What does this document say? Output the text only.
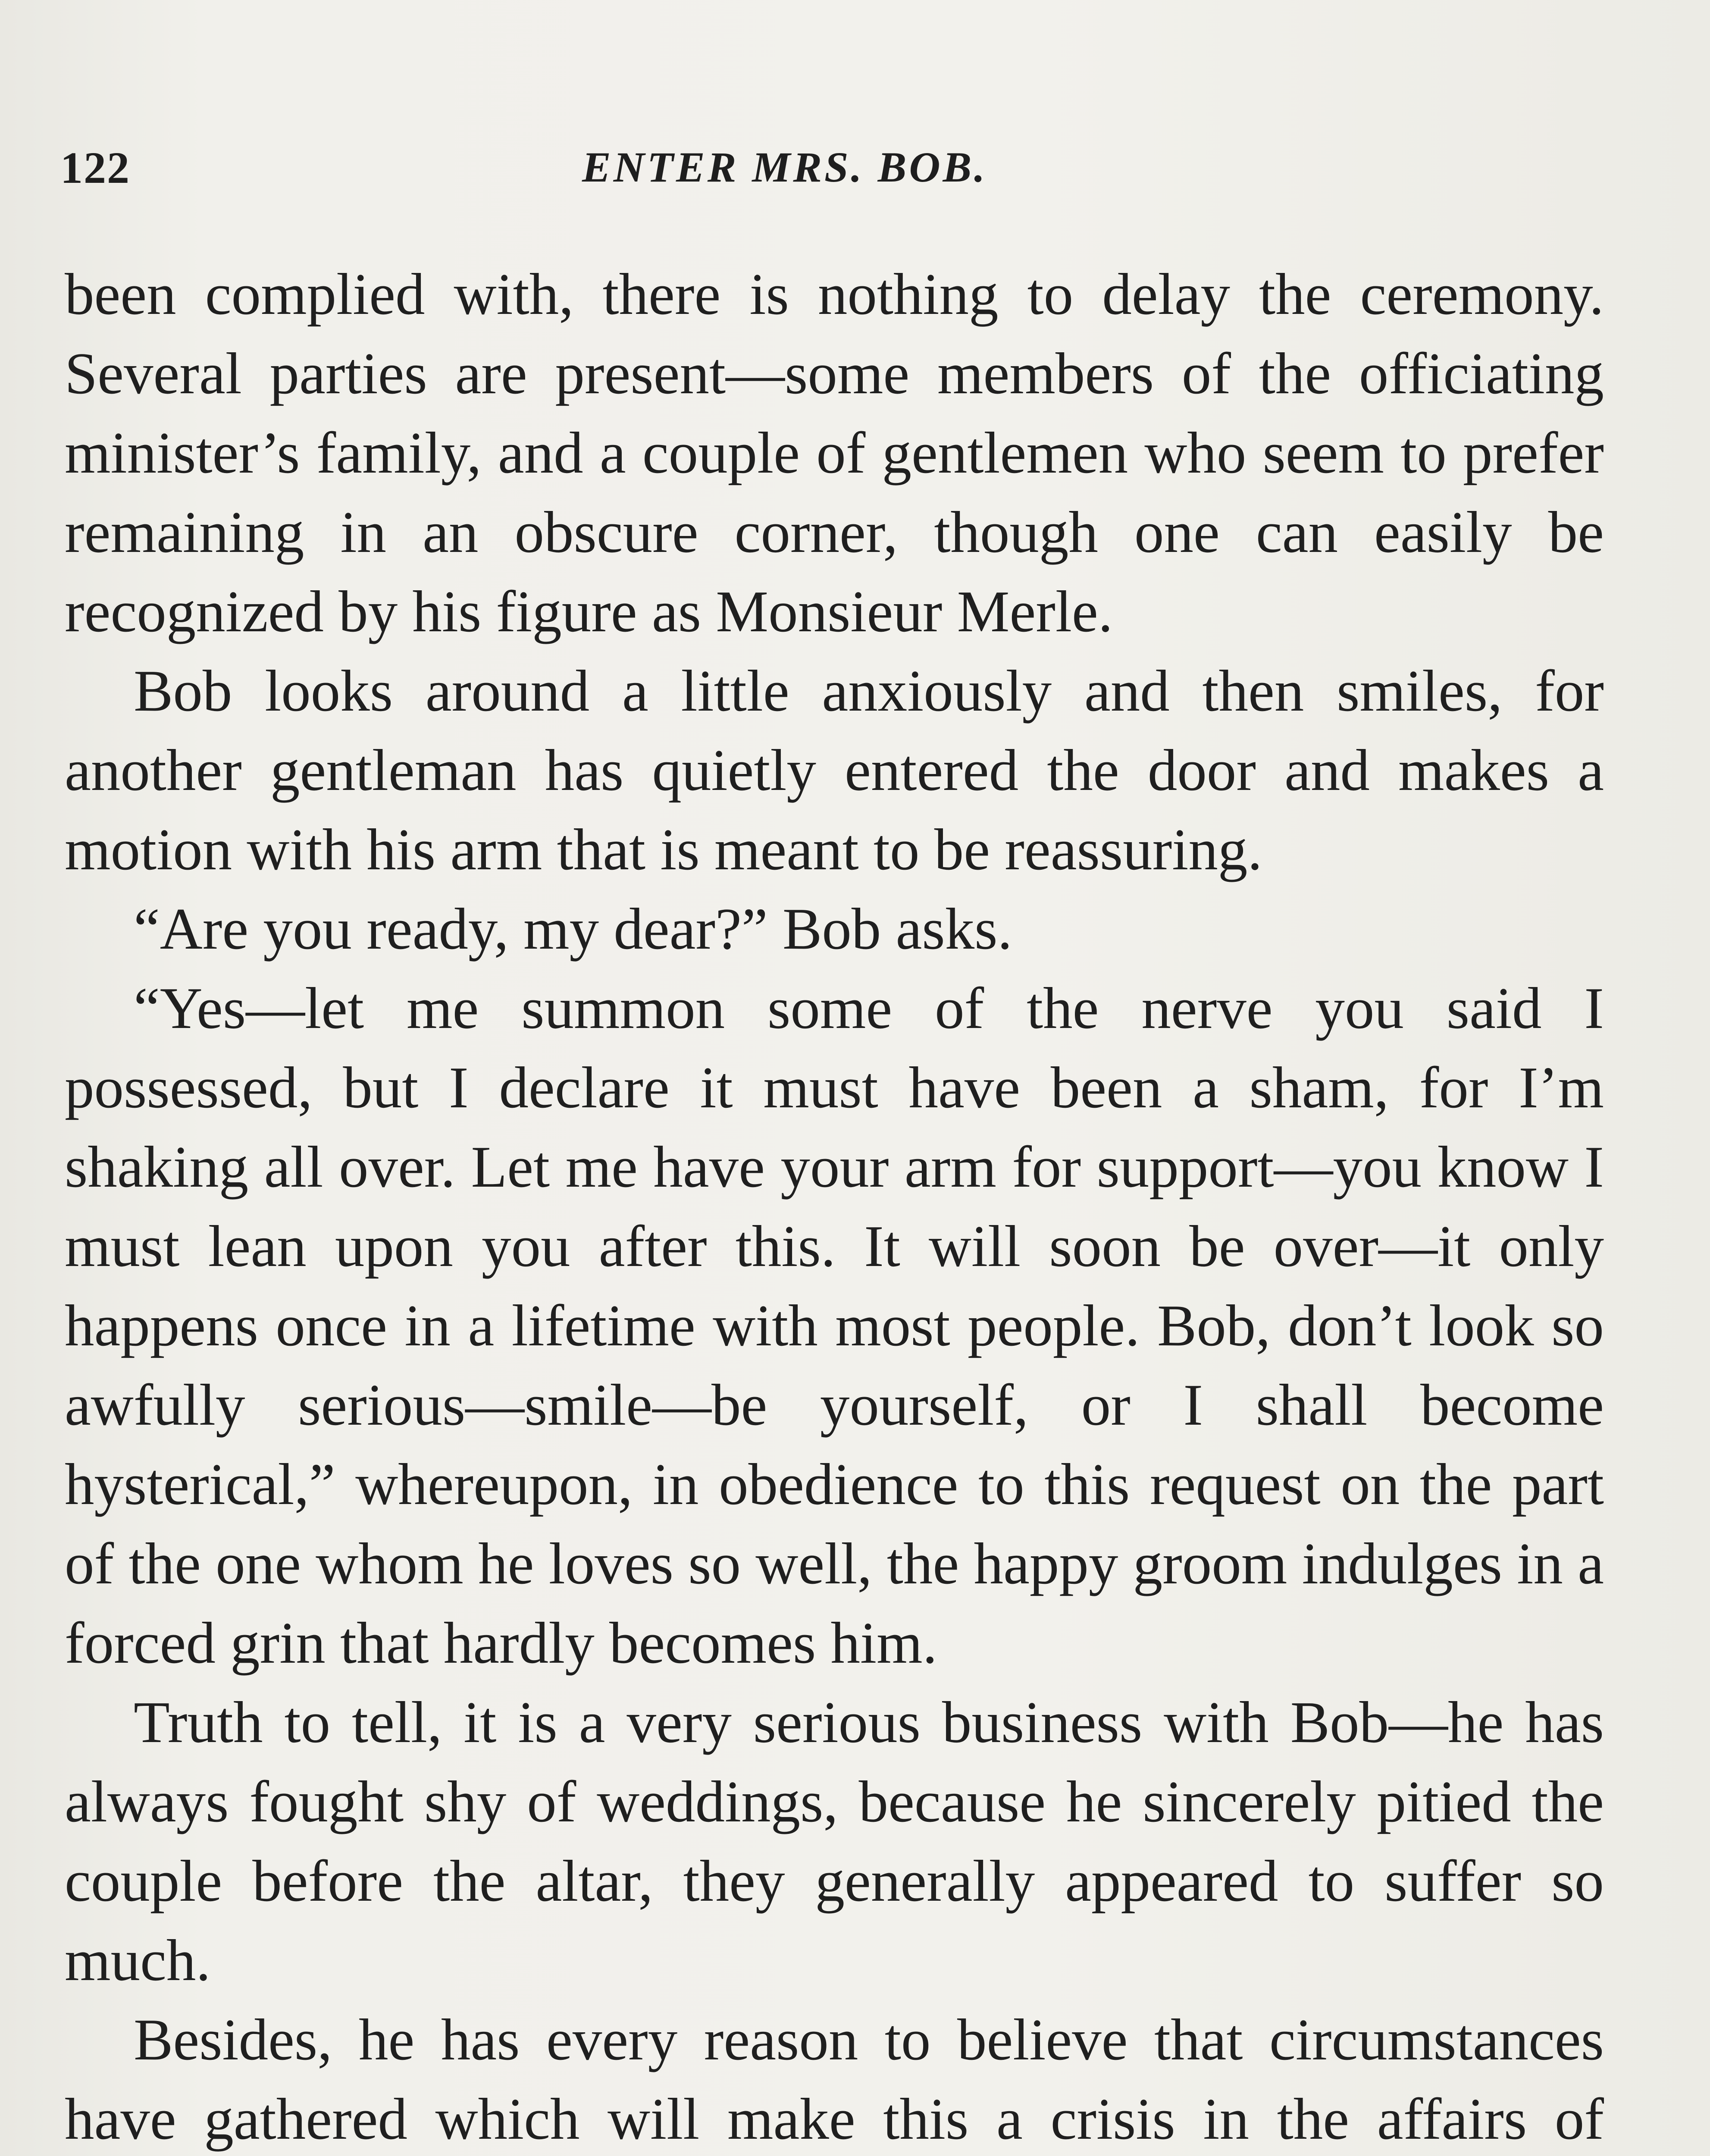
122	ENTER MRS. BOB.

been complied with, there is nothing to delay the ceremony. Several parties are present—some members of the officiating minister’s family, and a couple of gentlemen who seem to prefer remaining in an obscure corner, though one can easily be recognized by his figure as Monsieur Merle.

Bob looks around a little anxiously and then smiles, for another gentleman has quietly entered the door and makes a motion with his arm that is meant to be reassuring.

“Are you ready, my dear?” Bob asks.

“Yes—let me summon some of the nerve you said I possessed, but I declare it must have been a sham, for I’m shaking all over. Let me have your arm for support—you know I must lean upon you after this. It will soon be over—it only happens once in a lifetime with most people. Bob, don’t look so awfully serious—smile—be yourself, or I shall become hysterical,” whereupon, in obedience to this request on the part of the one whom he loves so well, the happy groom indulges in a forced grin that hardly becomes him.

Truth to tell, it is a very serious business with Bob—he has always fought shy of weddings, because he sincerely pitied the couple before the altar, they generally appeared to suffer so much.

Besides, he has every reason to believe that circumstances have gathered which will make this a crisis in the affairs of
